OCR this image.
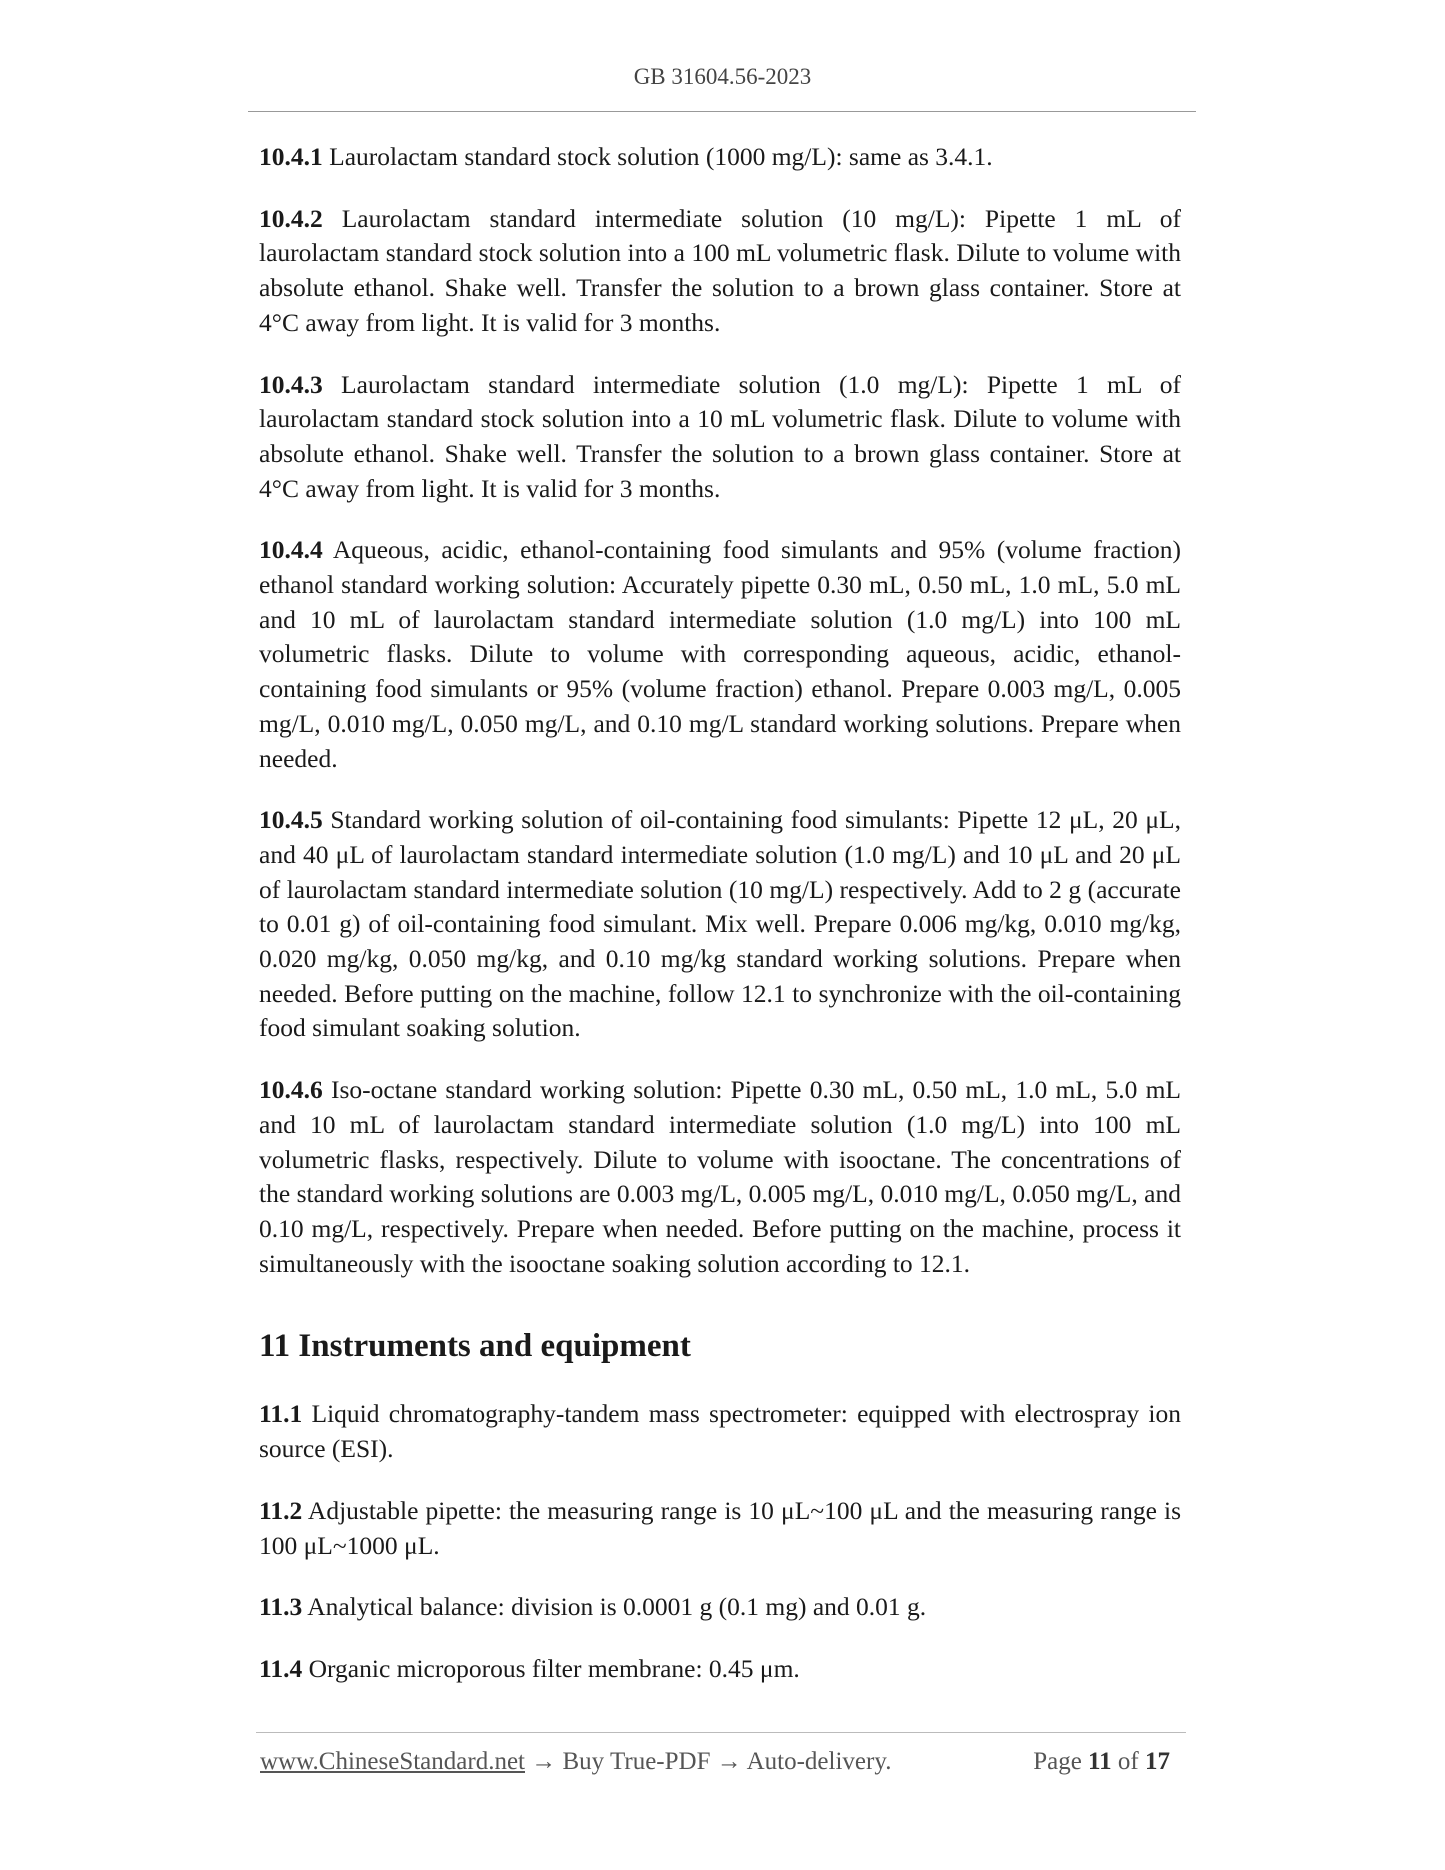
GB 31604.56-2023

10.4.1 Laurolactam standard stock solution (1000 mg/L): same as 3.4.1.

10.4.2 Laurolactam standard intermediate solution (10 mg/L): Pipette 1 mL of laurolactam standard stock solution into a 100 mL volumetric flask. Dilute to volume with absolute ethanol. Shake well. Transfer the solution to a brown glass container. Store at 4°C away from light. It is valid for 3 months.

10.4.3 Laurolactam standard intermediate solution (1.0 mg/L): Pipette 1 mL of laurolactam standard stock solution into a 10 mL volumetric flask. Dilute to volume with absolute ethanol. Shake well. Transfer the solution to a brown glass container. Store at 4°C away from light. It is valid for 3 months.

10.4.4 Aqueous, acidic, ethanol-containing food simulants and 95% (volume fraction) ethanol standard working solution: Accurately pipette 0.30 mL, 0.50 mL, 1.0 mL, 5.0 mL and 10 mL of laurolactam standard intermediate solution (1.0 mg/L) into 100 mL volumetric flasks. Dilute to volume with corresponding aqueous, acidic, ethanol-containing food simulants or 95% (volume fraction) ethanol. Prepare 0.003 mg/L, 0.005 mg/L, 0.010 mg/L, 0.050 mg/L, and 0.10 mg/L standard working solutions. Prepare when needed.

10.4.5 Standard working solution of oil-containing food simulants: Pipette 12 μL, 20 μL, and 40 μL of laurolactam standard intermediate solution (1.0 mg/L) and 10 μL and 20 μL of laurolactam standard intermediate solution (10 mg/L) respectively. Add to 2 g (accurate to 0.01 g) of oil-containing food simulant. Mix well. Prepare 0.006 mg/kg, 0.010 mg/kg, 0.020 mg/kg, 0.050 mg/kg, and 0.10 mg/kg standard working solutions. Prepare when needed. Before putting on the machine, follow 12.1 to synchronize with the oil-containing food simulant soaking solution.

10.4.6 Iso-octane standard working solution: Pipette 0.30 mL, 0.50 mL, 1.0 mL, 5.0 mL and 10 mL of laurolactam standard intermediate solution (1.0 mg/L) into 100 mL volumetric flasks, respectively. Dilute to volume with isooctane. The concentrations of the standard working solutions are 0.003 mg/L, 0.005 mg/L, 0.010 mg/L, 0.050 mg/L, and 0.10 mg/L, respectively. Prepare when needed. Before putting on the machine, process it simultaneously with the isooctane soaking solution according to 12.1.

11 Instruments and equipment

11.1 Liquid chromatography-tandem mass spectrometer: equipped with electrospray ion source (ESI).

11.2 Adjustable pipette: the measuring range is 10 μL~100 μL and the measuring range is 100 μL~1000 μL.

11.3 Analytical balance: division is 0.0001 g (0.1 mg) and 0.01 g.

11.4 Organic microporous filter membrane: 0.45 μm.

www.ChineseStandard.net → Buy True-PDF → Auto-delivery.	Page 11 of 17
